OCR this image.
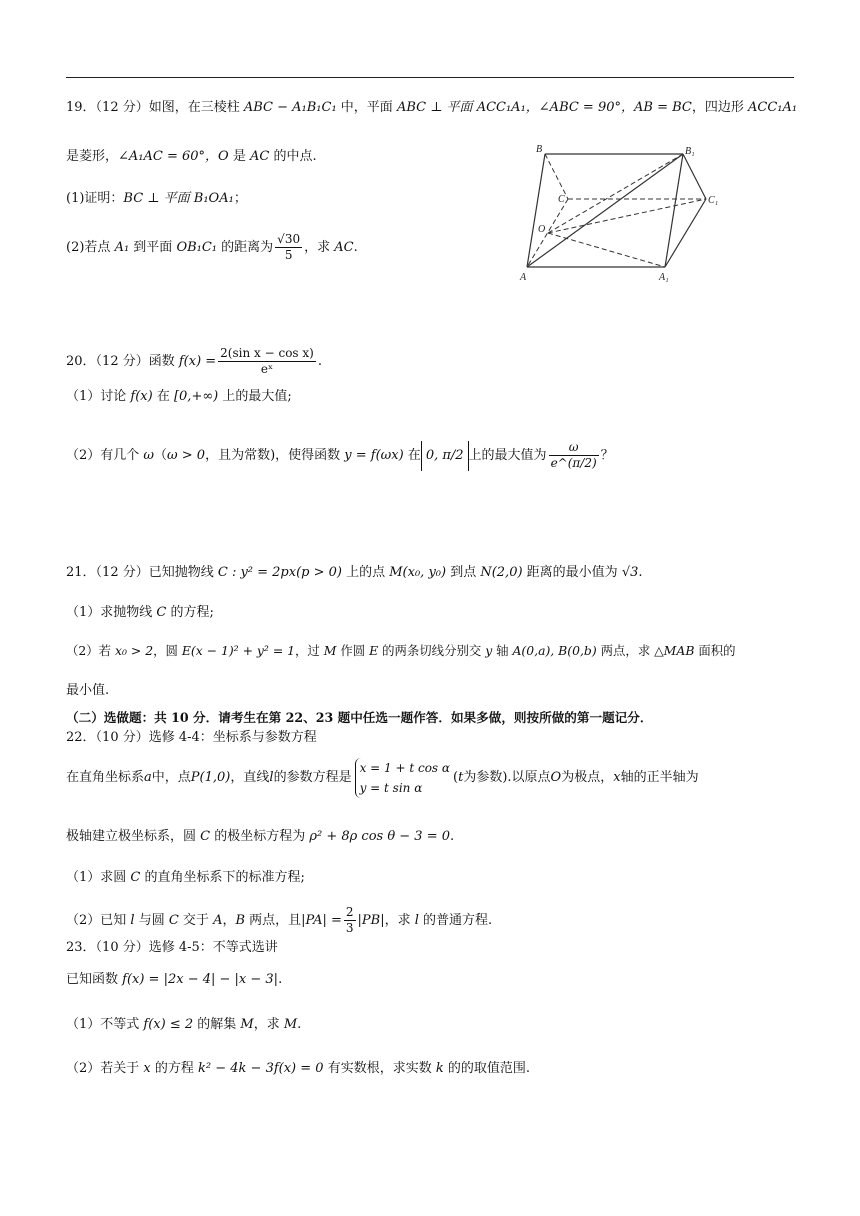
19．（12 分）如图，在三棱柱 ABC − A₁B₁C₁ 中，平面 ABC ⊥ 平面 ACC₁A₁，∠ABC = 90°，AB = BC，四边形 ACC₁A₁
是菱形，∠A₁AC = 60°，O 是 AC 的中点.
(1)证明：BC ⊥ 平面 B₁OA₁；
(2)若点 A₁ 到平面 OB₁C₁ 的距离为 $\frac{√30}{5}$ ，求 AC.
B	B₁
C	C₁
O
A	A₁
20．（12 分）函数 $f(x) = \frac{\text{2(sin x − cos x)}}{\text{eˣ}}$ .
（1）讨论 f(x) 在 [0,+∞) 上的最大值;
（2）有几个 ω（ω > 0，且为常数)，使得函数 y = f(ωx) 在 0, π/2 上的最大值为 $\frac{\omega}{e\^{}(\pi/2)}$ ？
21．（12 分）已知抛物线 C : y² = 2px(p > 0) 上的点 M(x₀, y₀) 到点 N(2,0) 距离的最小值为 √3.
（1）求抛物线 C 的方程;
（2）若 x₀ > 2，圆 E(x − 1)² + y² = 1，过 M 作圆 E 的两条切线分别交 y 轴 A(0,a), B(0,b) 两点，求 △MAB 面积的
最小值.
（二）选做题：共 10 分．请考生在第 22、23 题中任选一题作答．如果多做，则按所做的第一题记分．
22．（10 分）选修 4-4：坐标系与参数方程
在直角坐标系 a 中，点 P(1,0) ，直线 l 的参数方程是
x = 1 + t cos α
y = t sin α
( t 为参数).以原点 O 为极点， x 轴的正半轴为
极轴建立极坐标系，圆 C 的极坐标方程为 ρ² + 8ρ cos θ − 3 = 0.
（1）求圆 C 的直角坐标系下的标准方程;
（2）已知 l 与圆 C 交于 A，B 两点，且$|PA| = \frac{2}{3} |PB|$，求 l 的普通方程.
23．（10 分）选修 4-5：不等式选讲
已知函数 f(x) = |2x − 4| − |x − 3|.
（1）不等式 f(x) ≤ 2 的解集 M，求 M.
（2）若关于 x 的方程 k² − 4k − 3f(x) = 0 有实数根，求实数 k 的的取值范围.
